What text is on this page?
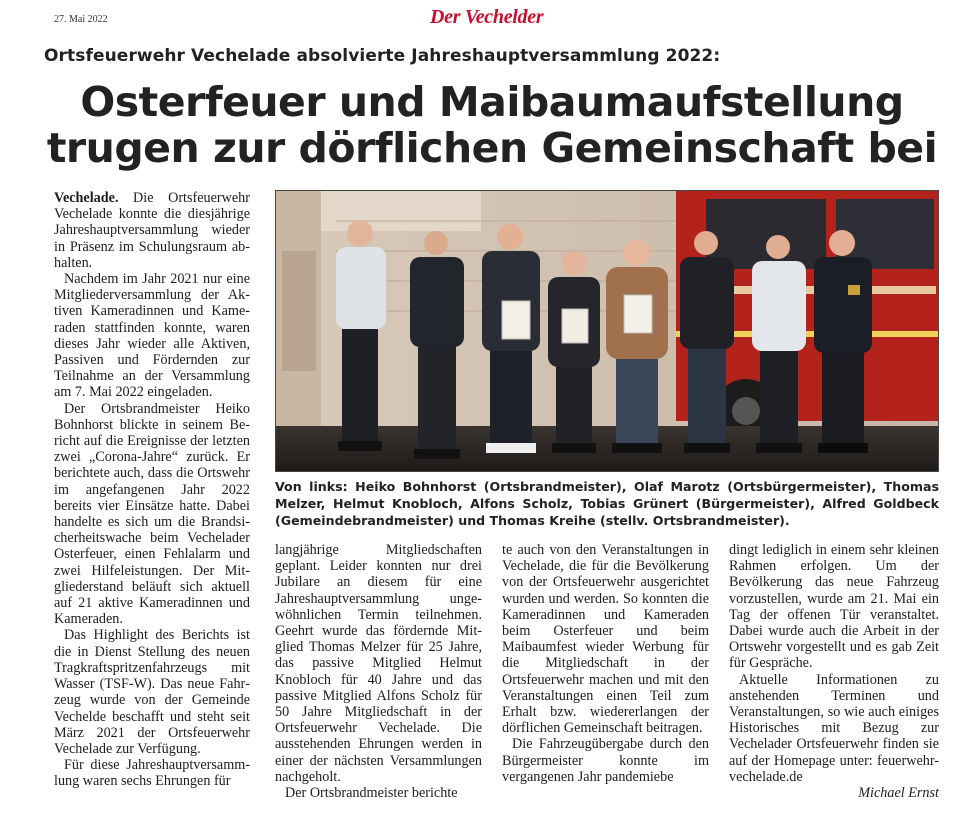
27. Mai 2022	Der Vechelder
Ortsfeuerwehr Vechelade absolvierte Jahreshauptversammlung 2022:
Osterfeuer und Maibaumaufstellung
trugen zur dörflichen Gemeinschaft bei

Vechelade. Die Ortsfeuerwehr Vechelade konnte die diesjährige Jahreshauptversammlung wieder in Präsenz im Schulungsraum abhalten.

Nachdem im Jahr 2021 nur eine Mitgliederversammlung der Aktiven Kameradinnen und Kameraden stattfinden konnte, waren dieses Jahr wieder alle Aktiven, Passiven und Fördernden zur Teilnahme an der Versammlung am 7. Mai 2022 eingeladen.

Der Ortsbrandmeister Heiko Bohnhorst blickte in seinem Bericht auf die Ereignisse der letzten zwei „Corona-Jahre“ zurück. Er berichtete auch, dass die Ortswehr im angefangenen Jahr 2022 bereits vier Einsätze hatte. Dabei handelte es sich um die Brandsicherheitswache beim Vechelader Osterfeuer, einen Fehlalarm und zwei Hilfeleistungen. Der Mitgliederstand beläuft sich aktuell auf 21 aktive Kameradinnen und Kameraden.

Das Highlight des Berichts ist die in Dienst Stellung des neuen Tragkraftspritzenfahrzeugs mit Wasser (TSF-W). Das neue Fahrzeug wurde von der Gemeinde Vechelde beschafft und steht seit März 2021 der Ortsfeuerwehr Vechelade zur Verfügung.

Für diese Jahreshauptversammlung waren sechs Ehrungen für

Von links: Heiko Bohnhorst (Ortsbrandmeister), Olaf Marotz (Ortsbürgermeister), Thomas Melzer, Helmut Knobloch, Alfons Scholz, Tobias Grünert (Bürgermeister), Alfred Goldbeck (Gemeindebrandmeister) und Thomas Kreihe (stellv. Ortsbrandmeister).

langjährige Mitgliedschaften geplant. Leider konnten nur drei Jubilare an diesem für eine Jahreshauptversammlung ungewöhnlichen Termin teilnehmen. Geehrt wurde das fördernde Mitglied Thomas Melzer für 25 Jahre, das passive Mitglied Helmut Knobloch für 40 Jahre und das passive Mitglied Alfons Scholz für 50 Jahre Mitgliedschaft in der Ortsfeuerwehr Vechelade. Die ausstehenden Ehrungen werden in einer der nächsten Versammlungen nachgeholt.

Der Ortsbrandmeister berichte

te auch von den Veranstaltungen in Vechelade, die für die Bevölkerung von der Ortsfeuerwehr ausgerichtet wurden und werden. So konnten die Kameradinnen und Kameraden beim Osterfeuer und beim Maibaumfest wieder Werbung für die Mitgliedschaft in der Ortsfeuerwehr machen und mit den Veranstaltungen einen Teil zum Erhalt bzw. wiedererlangen der dörflichen Gemeinschaft beitragen.

Die Fahrzeugübergabe durch den Bürgermeister konnte im vergangenen Jahr pandemiebe

dingt lediglich in einem sehr kleinen Rahmen erfolgen. Um der Bevölkerung das neue Fahrzeug vorzustellen, wurde am 21. Mai ein Tag der offenen Tür veranstaltet. Dabei wurde auch die Arbeit in der Ortswehr vorgestellt und es gab Zeit für Gespräche.

Aktuelle Informationen zu anstehenden Terminen und Veranstaltungen, so wie auch einiges Historisches mit Bezug zur Vechelader Ortsfeuerwehr finden sie auf der Homepage unter: feuerwehr-vechelade.de

Michael Ernst
